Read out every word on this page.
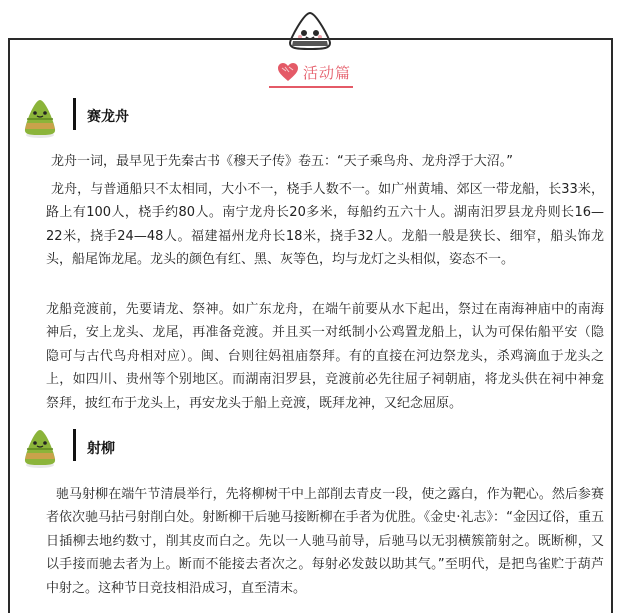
活动篇
赛龙舟

龙舟一词，最早见于先秦古书《穆天子传》卷五：“天子乘鸟舟、龙舟浮于大沼。”

龙舟，与普通船只不太相同，大小不一，桡手人数不一。如广州黄埔、郊区一带龙船，长33米，路上有100人，桡手约80人。南宁龙舟长20多米，每船约五六十人。湖南汨罗县龙舟则长16—22米，挠手24—48人。福建福州龙舟长18米，挠手32人。龙船一般是狭长、细窄，船头饰龙头，船尾饰龙尾。龙头的颜色有红、黑、灰等色，均与龙灯之头相似，姿态不一。

龙船竞渡前，先要请龙、祭神。如广东龙舟，在端午前要从水下起出，祭过在南海神庙中的南海神后，安上龙头、龙尾，再准备竞渡。并且买一对纸制小公鸡置龙船上，认为可保佑船平安（隐隐可与古代鸟舟相对应）。闽、台则往妈祖庙祭拜。有的直接在河边祭龙头，杀鸡滴血于龙头之上，如四川、贵州等个别地区。而湖南汨罗县，竞渡前必先往屈子祠朝庙，将龙头供在祠中神龛祭拜，披红布于龙头上，再安龙头于船上竞渡，既拜龙神，又纪念屈原。

射柳

驰马射柳在端午节清晨举行，先将柳树干中上部削去青皮一段，使之露白，作为靶心。然后参赛者依次驰马拈弓射削白处。射断柳干后驰马接断柳在手者为优胜。《金史·礼志》：“金因辽俗，重五日插柳去地约数寸，削其皮而白之。先以一人驰马前导，后驰马以无羽横簇箭射之。既断柳，又以手接而驰去者为上。断而不能接去者次之。每射必发鼓以助其气。”至明代，是把鸟雀贮于葫芦中射之。这种节日竞技相沿成习，直至清末。
